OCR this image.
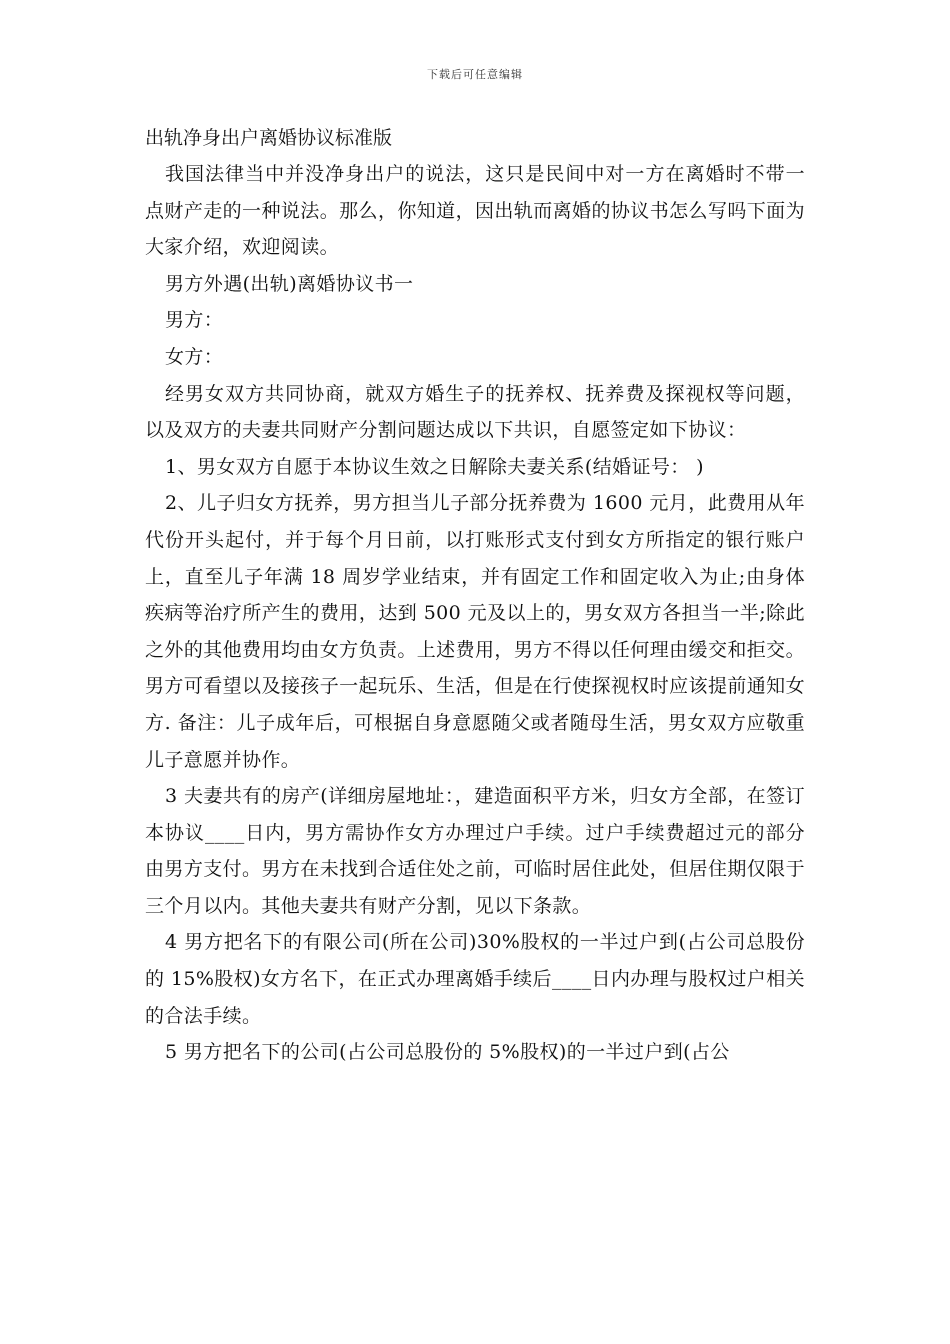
下载后可任意编辑

出轨净身出户离婚协议标准版

我国法律当中并没净身出户的说法，这只是民间中对一方在离婚时不带一点财产走的一种说法。那么，你知道，因出轨而离婚的协议书怎么写吗下面为大家介绍，欢迎阅读。

男方外遇(出轨)离婚协议书一

男方：

女方：

经男女双方共同协商，就双方婚生子的抚养权、抚养费及探视权等问题，以及双方的夫妻共同财产分割问题达成以下共识，自愿签定如下协议：

1、男女双方自愿于本协议生效之日解除夫妻关系(结婚证号： )

2、儿子归女方抚养，男方担当儿子部分抚养费为 1600 元月，此费用从年代份开头起付，并于每个月日前，以打账形式支付到女方所指定的银行账户上，直至儿子年满 18 周岁学业结束，并有固定工作和固定收入为止;由身体疾病等治疗所产生的费用，达到 500 元及以上的，男女双方各担当一半;除此之外的其他费用均由女方负责。上述费用，男方不得以任何理由缓交和拒交。男方可看望以及接孩子一起玩乐、生活，但是在行使探视权时应该提前通知女方. 备注：儿子成年后，可根据自身意愿随父或者随母生活，男女双方应敬重儿子意愿并协作。

3 夫妻共有的房产(详细房屋地址：，建造面积平方米，归女方全部，在签订本协议____日内，男方需协作女方办理过户手续。过户手续费超过元的部分由男方支付。男方在未找到合适住处之前，可临时居住此处，但居住期仅限于三个月以内。其他夫妻共有财产分割，见以下条款。

4 男方把名下的有限公司(所在公司)30%股权的一半过户到(占公司总股份的 15%股权)女方名下，在正式办理离婚手续后____日内办理与股权过户相关的合法手续。

5 男方把名下的公司(占公司总股份的 5%股权)的一半过户到(占公
